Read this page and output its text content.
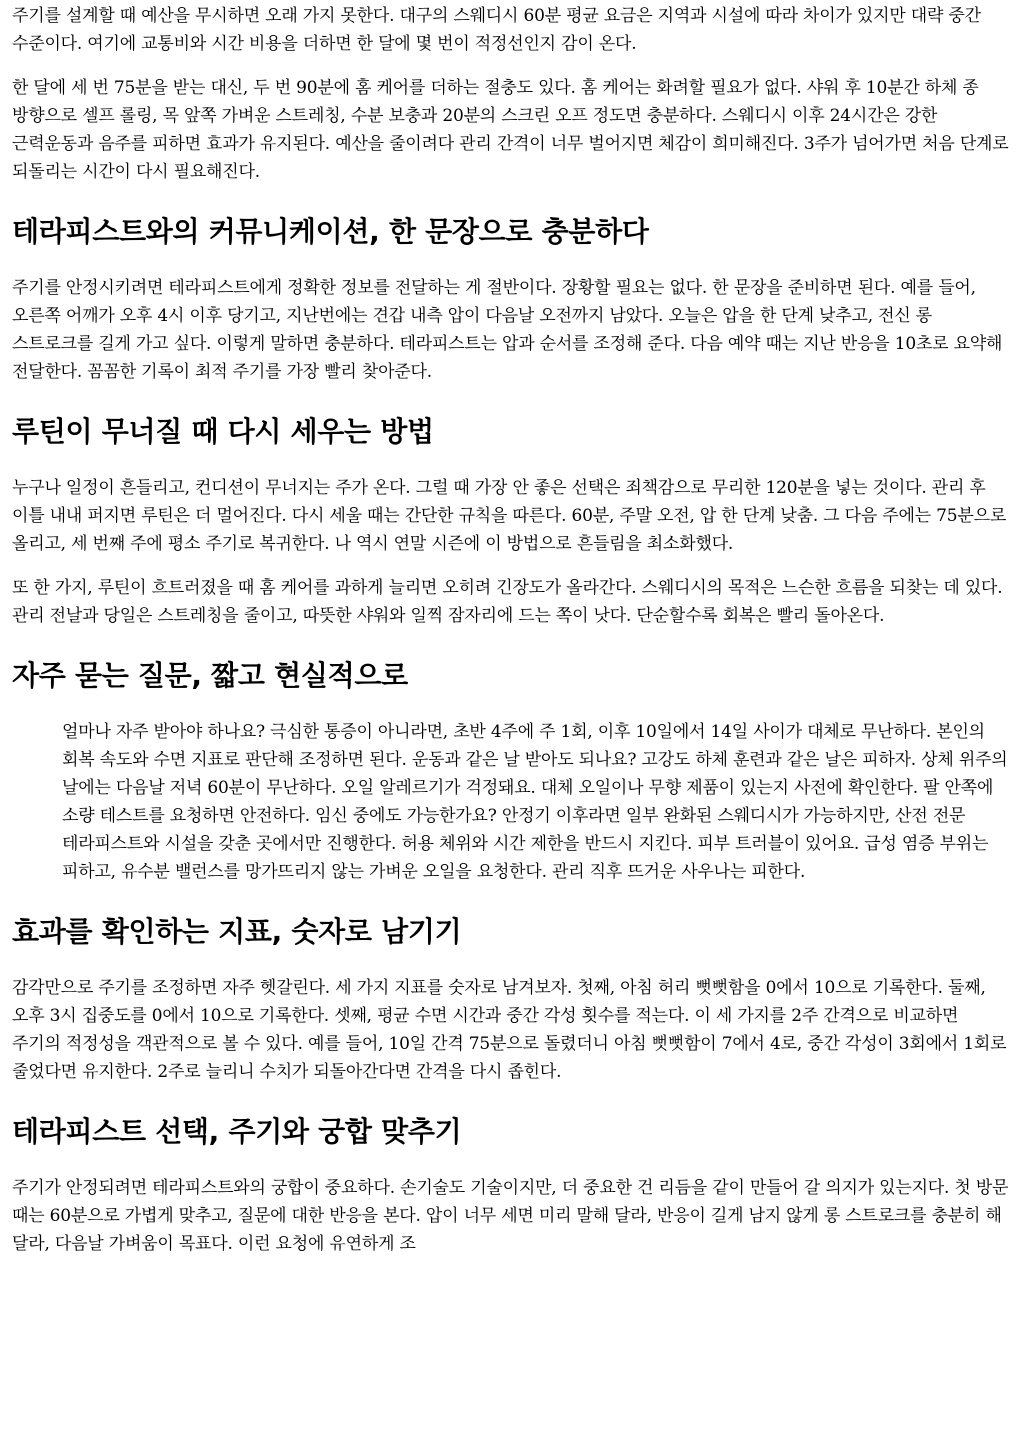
주기를 설계할 때 예산을 무시하면 오래 가지 못한다. 대구의 스웨디시 60분 평균 요금은 지역과 시설에 따라 차이가 있지만 대략 중간 수준이다. 여기에 교통비와 시간 비용을 더하면 한 달에 몇 번이 적정선인지 감이 온다.

한 달에 세 번 75분을 받는 대신, 두 번 90분에 홈 케어를 더하는 절충도 있다. 홈 케어는 화려할 필요가 없다. 샤워 후 10분간 하체 종 방향으로 셀프 롤링, 목 앞쪽 가벼운 스트레칭, 수분 보충과 20분의 스크린 오프 정도면 충분하다. 스웨디시 이후 24시간은 강한 근력운동과 음주를 피하면 효과가 유지된다. 예산을 줄이려다 관리 간격이 너무 벌어지면 체감이 희미해진다. 3주가 넘어가면 처음 단계로 되돌리는 시간이 다시 필요해진다.

테라피스트와의 커뮤니케이션, 한 문장으로 충분하다

주기를 안정시키려면 테라피스트에게 정확한 정보를 전달하는 게 절반이다. 장황할 필요는 없다. 한 문장을 준비하면 된다. 예를 들어, 오른쪽 어깨가 오후 4시 이후 당기고, 지난번에는 견갑 내측 압이 다음날 오전까지 남았다. 오늘은 압을 한 단계 낮추고, 전신 롱 스트로크를 길게 가고 싶다. 이렇게 말하면 충분하다. 테라피스트는 압과 순서를 조정해 준다. 다음 예약 때는 지난 반응을 10초로 요약해 전달한다. 꼼꼼한 기록이 최적 주기를 가장 빨리 찾아준다.

루틴이 무너질 때 다시 세우는 방법

누구나 일정이 흔들리고, 컨디션이 무너지는 주가 온다. 그럴 때 가장 안 좋은 선택은 죄책감으로 무리한 120분을 넣는 것이다. 관리 후 이틀 내내 퍼지면 루틴은 더 멀어진다. 다시 세울 때는 간단한 규칙을 따른다. 60분, 주말 오전, 압 한 단계 낮춤. 그 다음 주에는 75분으로 올리고, 세 번째 주에 평소 주기로 복귀한다. 나 역시 연말 시즌에 이 방법으로 흔들림을 최소화했다.

또 한 가지, 루틴이 흐트러졌을 때 홈 케어를 과하게 늘리면 오히려 긴장도가 올라간다. 스웨디시의 목적은 느슨한 흐름을 되찾는 데 있다. 관리 전날과 당일은 스트레칭을 줄이고, 따뜻한 샤워와 일찍 잠자리에 드는 쪽이 낫다. 단순할수록 회복은 빨리 돌아온다.

자주 묻는 질문, 짧고 현실적으로

얼마나 자주 받아야 하나요? 극심한 통증이 아니라면, 초반 4주에 주 1회, 이후 10일에서 14일 사이가 대체로 무난하다. 본인의 회복 속도와 수면 지표로 판단해 조정하면 된다. 운동과 같은 날 받아도 되나요? 고강도 하체 훈련과 같은 날은 피하자. 상체 위주의 날에는 다음날 저녁 60분이 무난하다. 오일 알레르기가 걱정돼요. 대체 오일이나 무향 제품이 있는지 사전에 확인한다. 팔 안쪽에 소량 테스트를 요청하면 안전하다. 임신 중에도 가능한가요? 안정기 이후라면 일부 완화된 스웨디시가 가능하지만, 산전 전문 테라피스트와 시설을 갖춘 곳에서만 진행한다. 허용 체위와 시간 제한을 반드시 지킨다. 피부 트러블이 있어요. 급성 염증 부위는 피하고, 유수분 밸런스를 망가뜨리지 않는 가벼운 오일을 요청한다. 관리 직후 뜨거운 사우나는 피한다.

효과를 확인하는 지표, 숫자로 남기기

감각만으로 주기를 조정하면 자주 헷갈린다. 세 가지 지표를 숫자로 남겨보자. 첫째, 아침 허리 뻣뻣함을 0에서 10으로 기록한다. 둘째, 오후 3시 집중도를 0에서 10으로 기록한다. 셋째, 평균 수면 시간과 중간 각성 횟수를 적는다. 이 세 가지를 2주 간격으로 비교하면 주기의 적정성을 객관적으로 볼 수 있다. 예를 들어, 10일 간격 75분으로 돌렸더니 아침 뻣뻣함이 7에서 4로, 중간 각성이 3회에서 1회로 줄었다면 유지한다. 2주로 늘리니 수치가 되돌아간다면 간격을 다시 좁힌다.

테라피스트 선택, 주기와 궁합 맞추기

주기가 안정되려면 테라피스트와의 궁합이 중요하다. 손기술도 기술이지만, 더 중요한 건 리듬을 같이 만들어 갈 의지가 있는지다. 첫 방문 때는 60분으로 가볍게 맞추고, 질문에 대한 반응을 본다. 압이 너무 세면 미리 말해 달라, 반응이 길게 남지 않게 롱 스트로크를 충분히 해 달라, 다음날 가벼움이 목표다. 이런 요청에 유연하게 조
